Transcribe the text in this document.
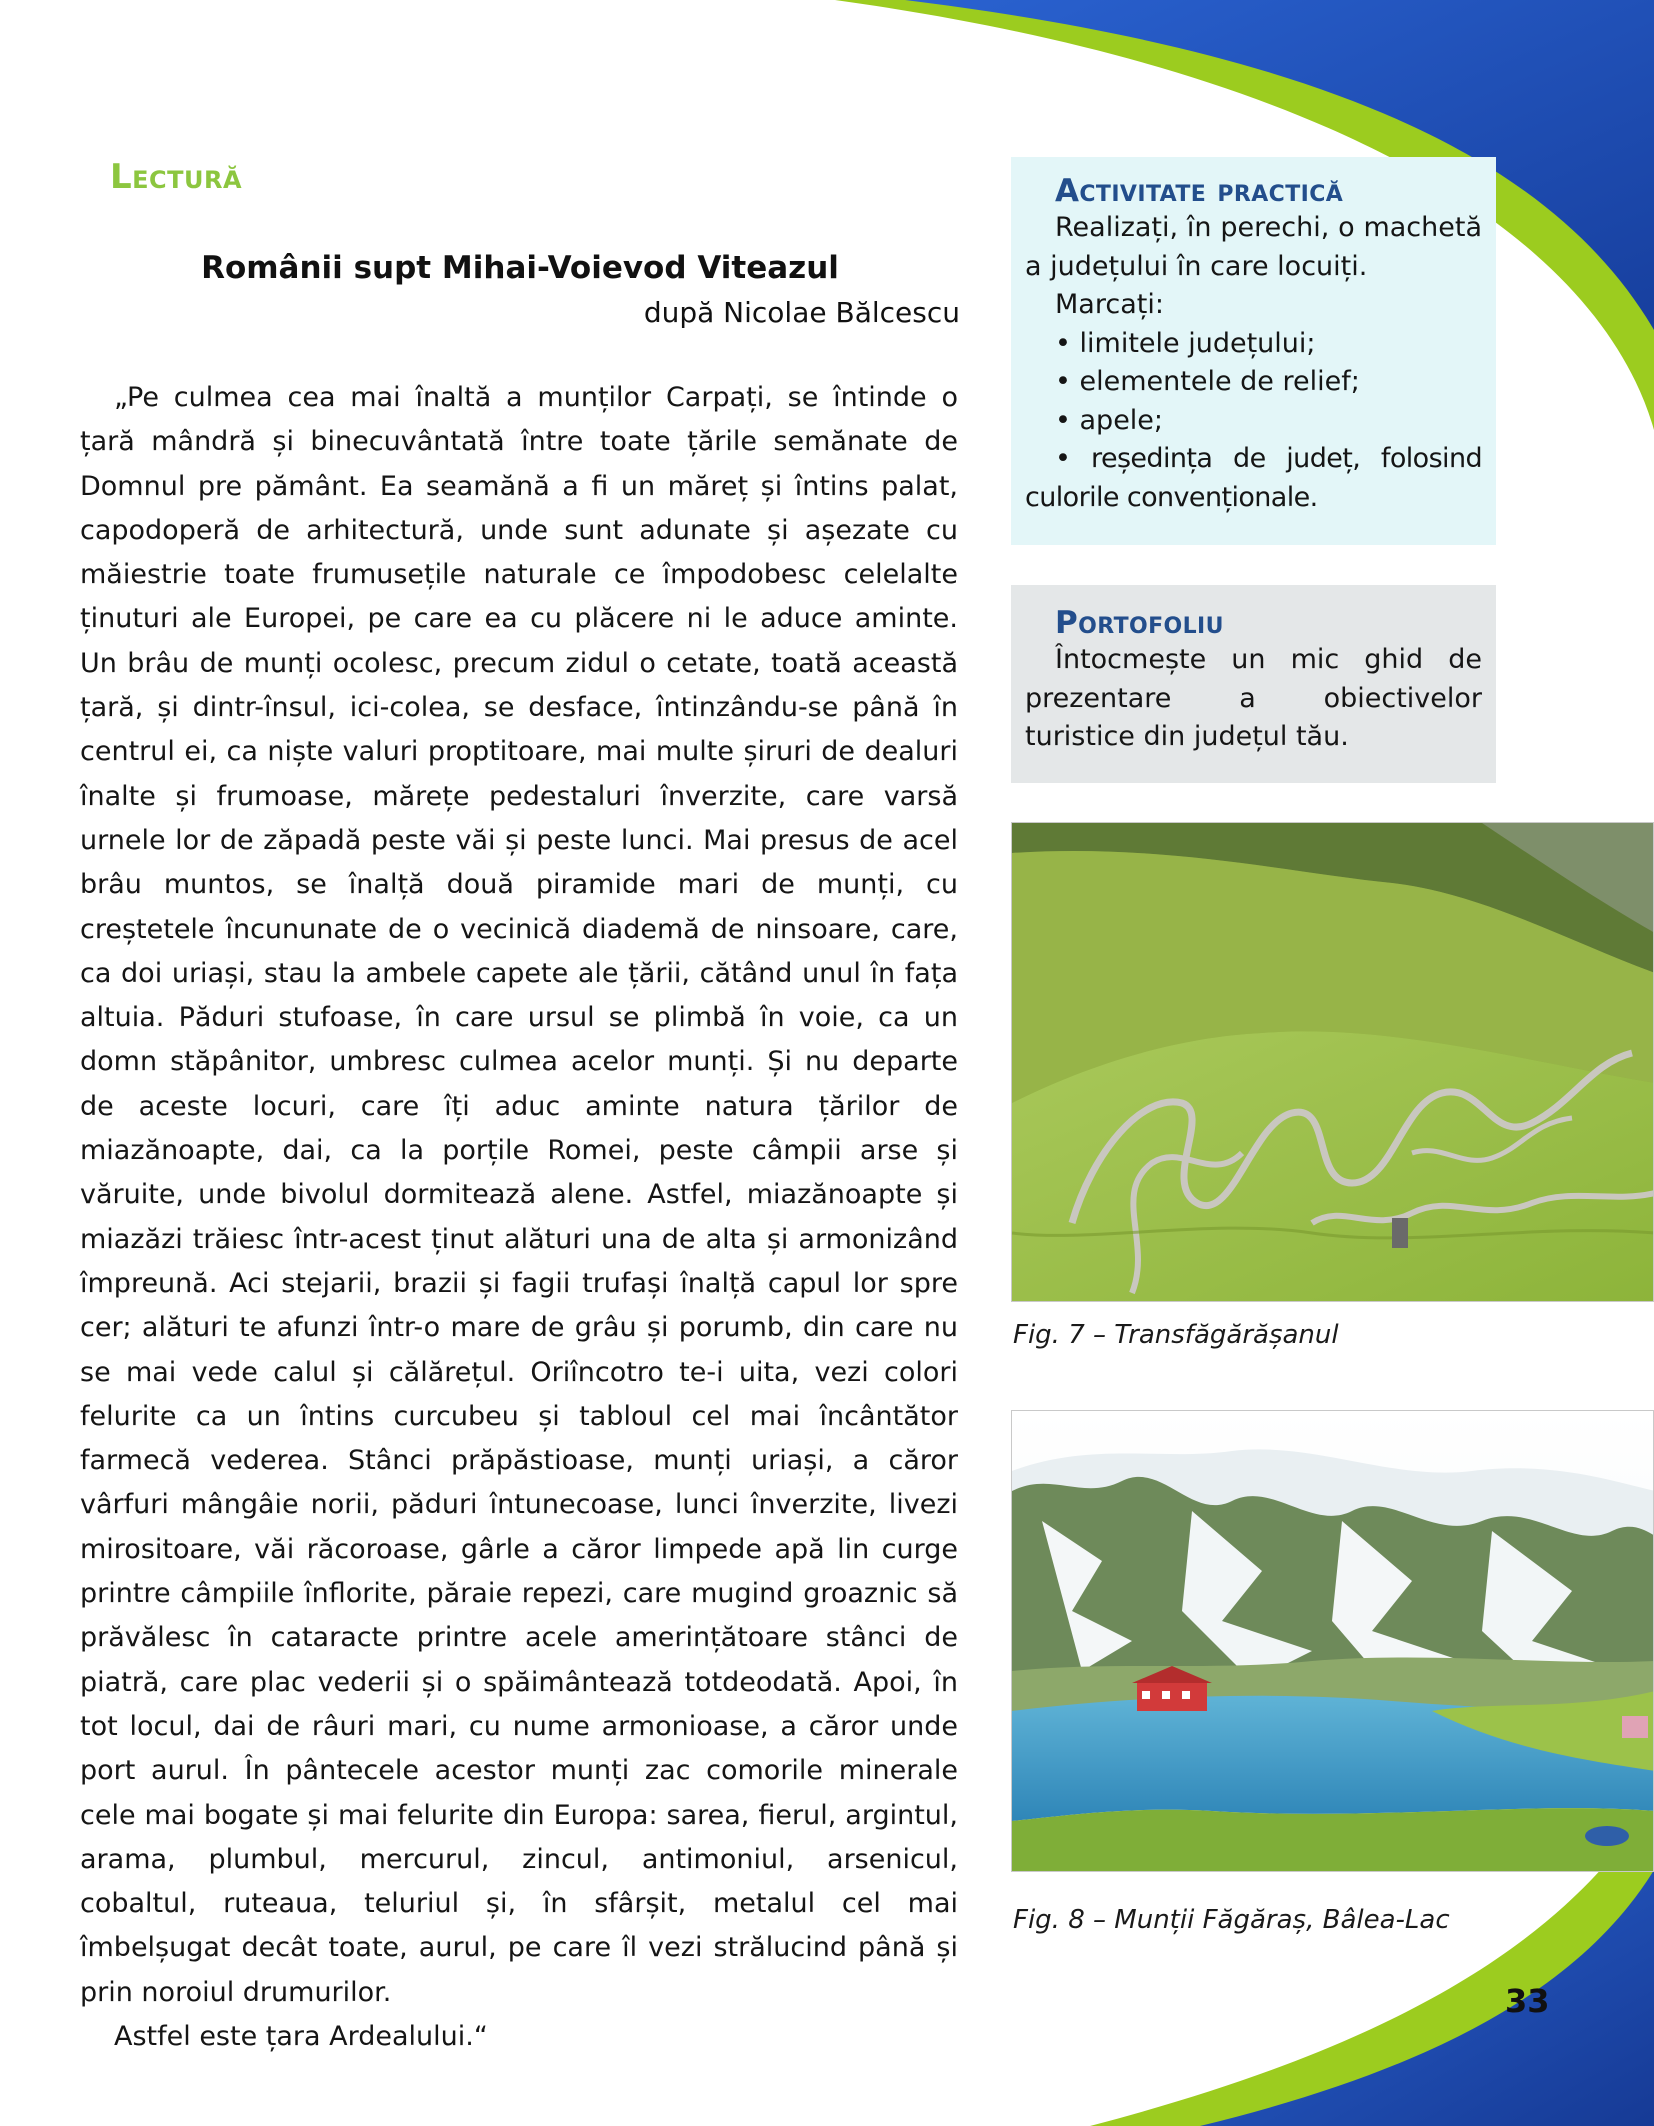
Lectură
Românii supt Mihai-Voievod Viteazul
după Nicolae Bălcescu

„Pe culmea cea mai înaltă a munților Carpați, se întinde o țară mândră și binecuvântată între toate țările semănate de Domnul pre pământ. Ea seamănă a fi un măreț și întins palat, capodoperă de arhitectură, unde sunt adunate și așezate cu măiestrie toate frumusețile naturale ce împodobesc celelalte ținuturi ale Europei, pe care ea cu plăcere ni le aduce aminte. Un brâu de munți ocolesc, precum zidul o cetate, toată această țară, și dintr-însul, ici-colea, se desface, întinzându-se până în centrul ei, ca niște valuri proptitoare, mai multe șiruri de dealuri înalte și frumoase, mărețe pedestaluri înverzite, care varsă urnele lor de zăpadă peste văi și peste lunci. Mai presus de acel brâu muntos, se înalță două piramide mari de munți, cu creștetele încununate de o vecinică diademă de ninsoare, care, ca doi uriași, stau la ambele capete ale țării, cătând unul în fața altuia. Păduri stufoase, în care ursul se plimbă în voie, ca un domn stăpânitor, umbresc culmea acelor munți. Și nu departe de aceste locuri, care îți aduc aminte natura țărilor de miazănoapte, dai, ca la porțile Romei, peste câmpii arse și văruite, unde bivolul dormitează alene. Astfel, miazănoapte și miazăzi trăiesc într-acest ținut alături una de alta și armonizând împreună. Aci stejarii, brazii și fagii trufași înalță capul lor spre cer; alături te afunzi într-o mare de grâu și porumb, din care nu se mai vede calul și călărețul. Oriîncotro te-i uita, vezi colori felurite ca un întins curcubeu și tabloul cel mai încântător farmecă vederea. Stânci prăpăstioase, munți uriași, a căror vârfuri mângâie norii, păduri întunecoase, lunci înverzite, livezi mirositoare, văi răcoroase, gârle a căror limpede apă lin curge printre câmpiile înflorite, păraie repezi, care mugind groaznic să prăvălesc în cataracte printre acele amerințătoare stânci de piatră, care plac vederii și o spăimântează totdeodată. Apoi, în tot locul, dai de râuri mari, cu nume armonioase, a căror unde port aurul. În pântecele acestor munți zac comorile minerale cele mai bogate și mai felurite din Europa: sarea, fierul, argintul, arama, plumbul, mercurul, zincul, antimoniul, arsenicul, cobaltul, ruteaua, teluriul și, în sfârșit, metalul cel mai îmbelșugat decât toate, aurul, pe care îl vezi strălucind până și prin noroiul drumurilor.

Astfel este țara Ardealului.“

Activitate practică

Realizați, în perechi, o machetă a județului în care locuiți.

Marcați:
• limitele județului;
• elementele de relief;
• apele;

• reședința de județ, folosind culorile convenționale.

Portofoliu

Întocmește un mic ghid de prezentare a obiectivelor turistice din județul tău.

Fig. 7 – Transfăgărășanul
Fig. 8 – Munții Făgăraș, Bâlea-Lac
33
